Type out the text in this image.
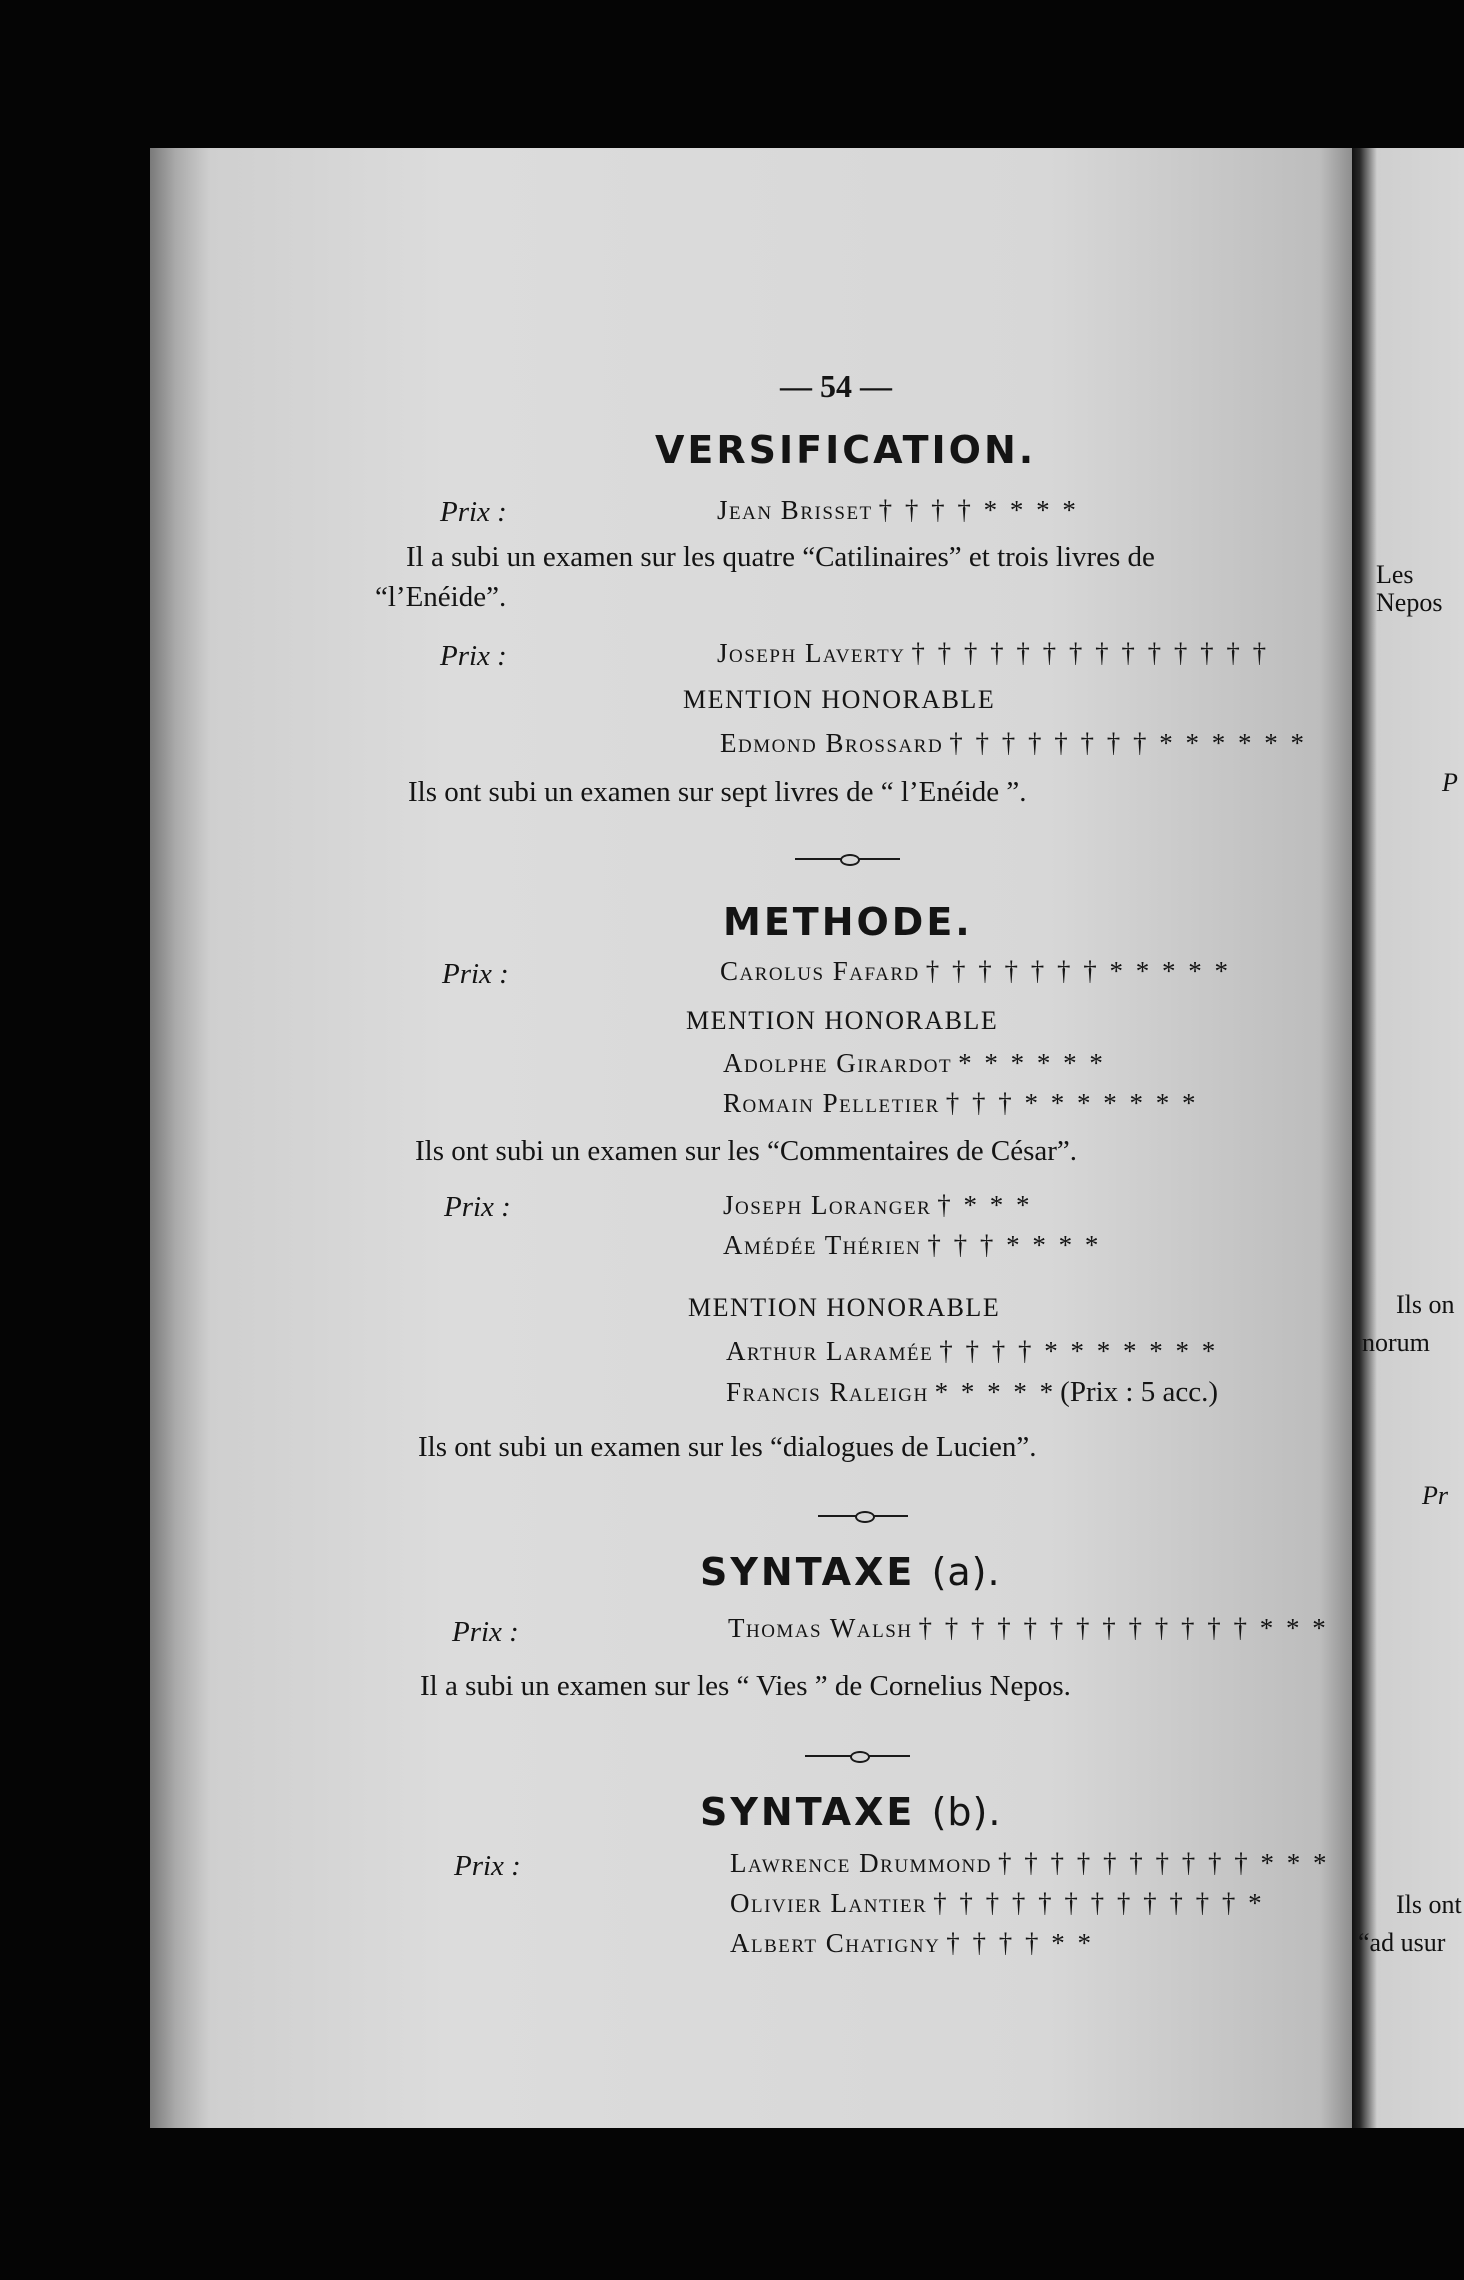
— 54 —
VERSIFICATION.
Prix :	Jean Brisset † † † † * * * *
Il a subi un examen sur les quatre “Catilinaires” et trois livres de
“l’Enéide”.
Prix :	Joseph Laverty † † † † † † † † † † † † † †
MENTION HONORABLE
Edmond Brossard † † † † † † † † * * * * * *
Ils ont subi un examen sur sept livres de “ l’Enéide ”.
METHODE.
Prix :	Carolus Fafard † † † † † † † * * * * *
MENTION HONORABLE
Adolphe Girardot * * * * * *
Romain Pelletier † † † * * * * * * *
Ils ont subi un examen sur les “Commentaires de César”.
Prix :	Joseph Loranger † * * *
Amédée Thérien † † † * * * *
MENTION HONORABLE
Arthur Laramée † † † † * * * * * * *
Francis Raleigh * * * * * (Prix : 5 acc.)
Ils ont subi un examen sur les “dialogues de Lucien”.
SYNTAXE (a).
Prix :	Thomas Walsh † † † † † † † † † † † † † * * *
Il a subi un examen sur les “ Vies ” de Cornelius Nepos.
SYNTAXE (b).
Prix :	Lawrence Drummond † † † † † † † † † † * * *
Olivier Lantier † † † † † † † † † † † † *
Albert Chatigny † † † † * *
Les
Nepos
P
Ils on
norum
Pr
Ils ont
“ad usur
